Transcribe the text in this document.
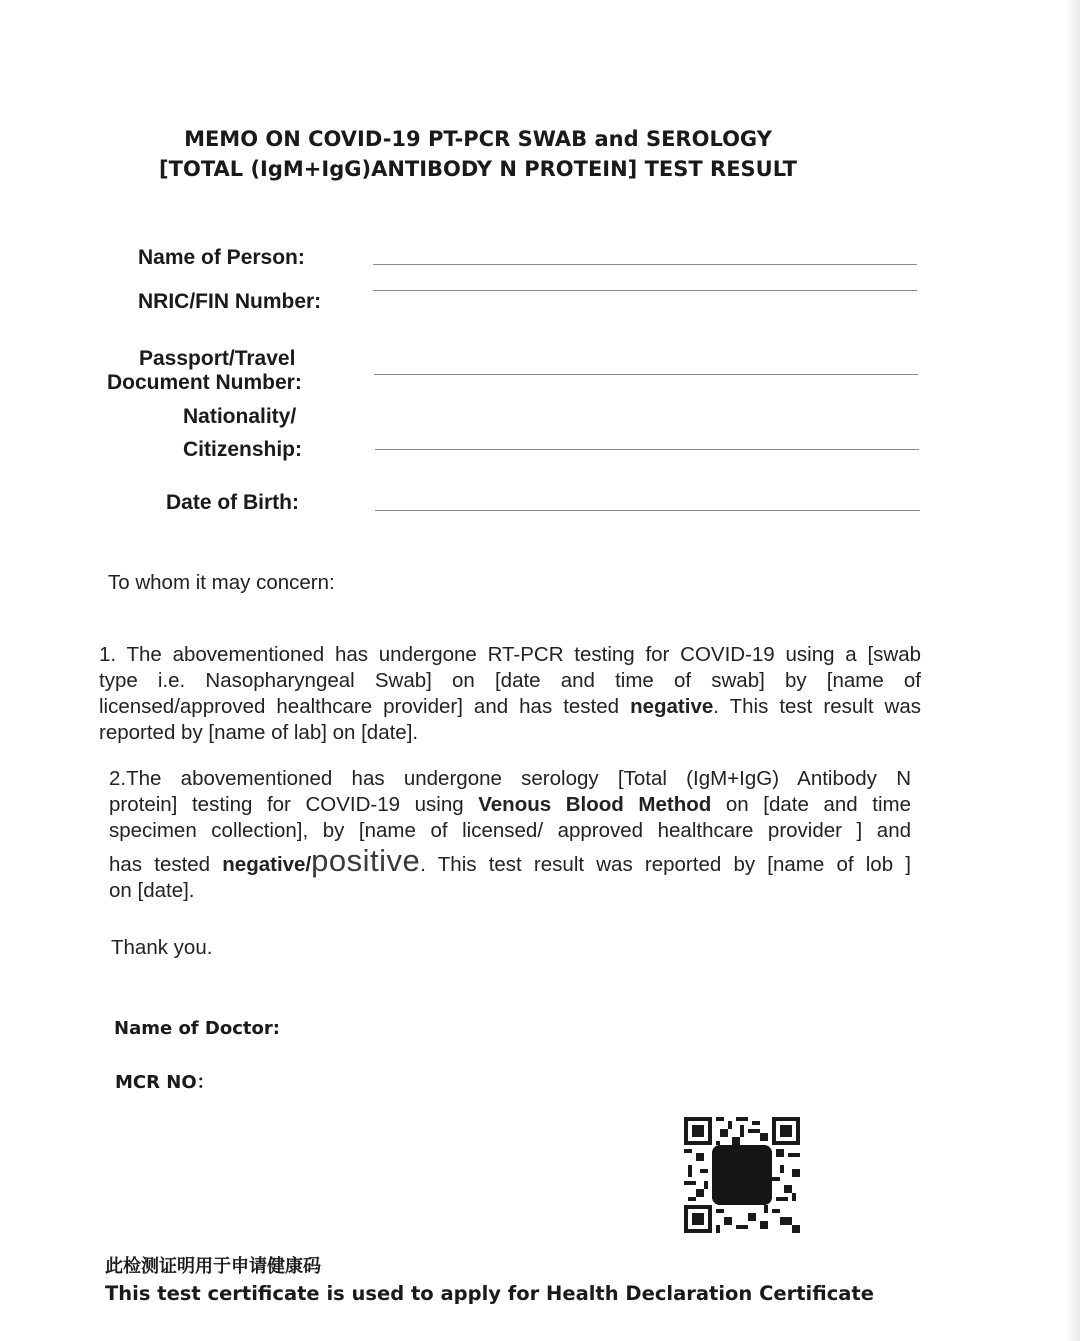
MEMO ON COVID-19 PT-PCR SWAB and SEROLOGY
[TOTAL (IgM+IgG)ANTIBODY N PROTEIN] TEST RESULT
Name of Person:
NRIC/FIN Number:
Passport/Travel
Document Number:
Nationality/
Citizenship:
Date of Birth:
To whom it may concern:
1. The abovementioned has undergone RT-PCR testing for COVID-19 using a [swab
type i.e. Nasopharyngeal Swab] on [date and time of swab] by [name of
licensed/approved healthcare provider] and has tested negative. This test result was
reported by [name of lab] on [date].
2.The abovementioned has undergone serology [Total (IgM+IgG) Antibody N
protein] testing for COVID-19 using Venous Blood Method on [date and time
specimen collection], by [name of licensed/ approved healthcare provider ] and
has tested negative/positive. This test result was reported by [name of lob ]
on [date].
Thank you.
Name of Doctor:
MCR NO：
此检测证明用于申请健康码
This test certificate is used to apply for Health Declaration Certificate
